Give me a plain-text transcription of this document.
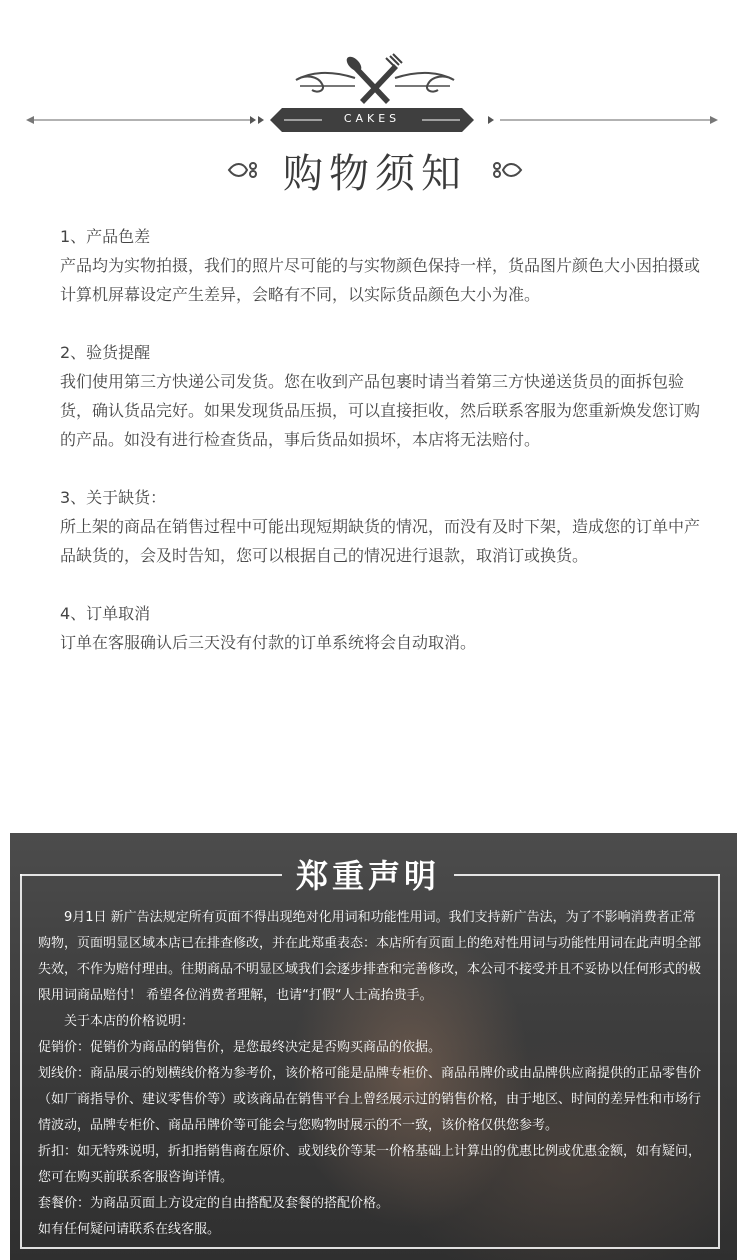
CAKES
购物须知
1、产品色差
产品均为实物拍摄，我们的照片尽可能的与实物颜色保持一样，货品图片颜色大小因拍摄或计算机屏幕设定产生差异，会略有不同，以实际货品颜色大小为准。
2、验货提醒
我们使用第三方快递公司发货。您在收到产品包裹时请当着第三方快递送货员的面拆包验货，确认货品完好。如果发现货品压损，可以直接拒收，然后联系客服为您重新焕发您订购的产品。如没有进行检查货品，事后货品如损坏，本店将无法赔付。
3、关于缺货：
所上架的商品在销售过程中可能出现短期缺货的情况，而没有及时下架，造成您的订单中产品缺货的，会及时告知，您可以根据自己的情况进行退款，取消订或换货。
4、订单取消
订单在客服确认后三天没有付款的订单系统将会自动取消。
郑重声明

9月1日 新广告法规定所有页面不得出现绝对化用词和功能性用词。我们支持新广告法，为了不影响消费者正常购物，页面明显区域本店已在排查修改，并在此郑重表态：本店所有页面上的绝对性用词与功能性用词在此声明全部失效，不作为赔付理由。往期商品不明显区域我们会逐步排查和完善修改，本公司不接受并且不妥协以任何形式的极限用词商品赔付！ 希望各位消费者理解，也请“打假“人士高抬贵手。

关于本店的价格说明：

促销价：促销价为商品的销售价，是您最终决定是否购买商品的依据。

划线价：商品展示的划横线价格为参考价，该价格可能是品牌专柜价、商品吊牌价或由品牌供应商提供的正品零售价（如厂商指导价、建议零售价等）或该商品在销售平台上曾经展示过的销售价格，由于地区、时间的差异性和市场行情波动，品牌专柜价、商品吊牌价等可能会与您购物时展示的不一致，该价格仅供您参考。

折扣：如无特殊说明，折扣指销售商在原价、或划线价等某一价格基础上计算出的优惠比例或优惠金额，如有疑问，您可在购买前联系客服咨询详情。

套餐价：为商品页面上方设定的自由搭配及套餐的搭配价格。

如有任何疑问请联系在线客服。
